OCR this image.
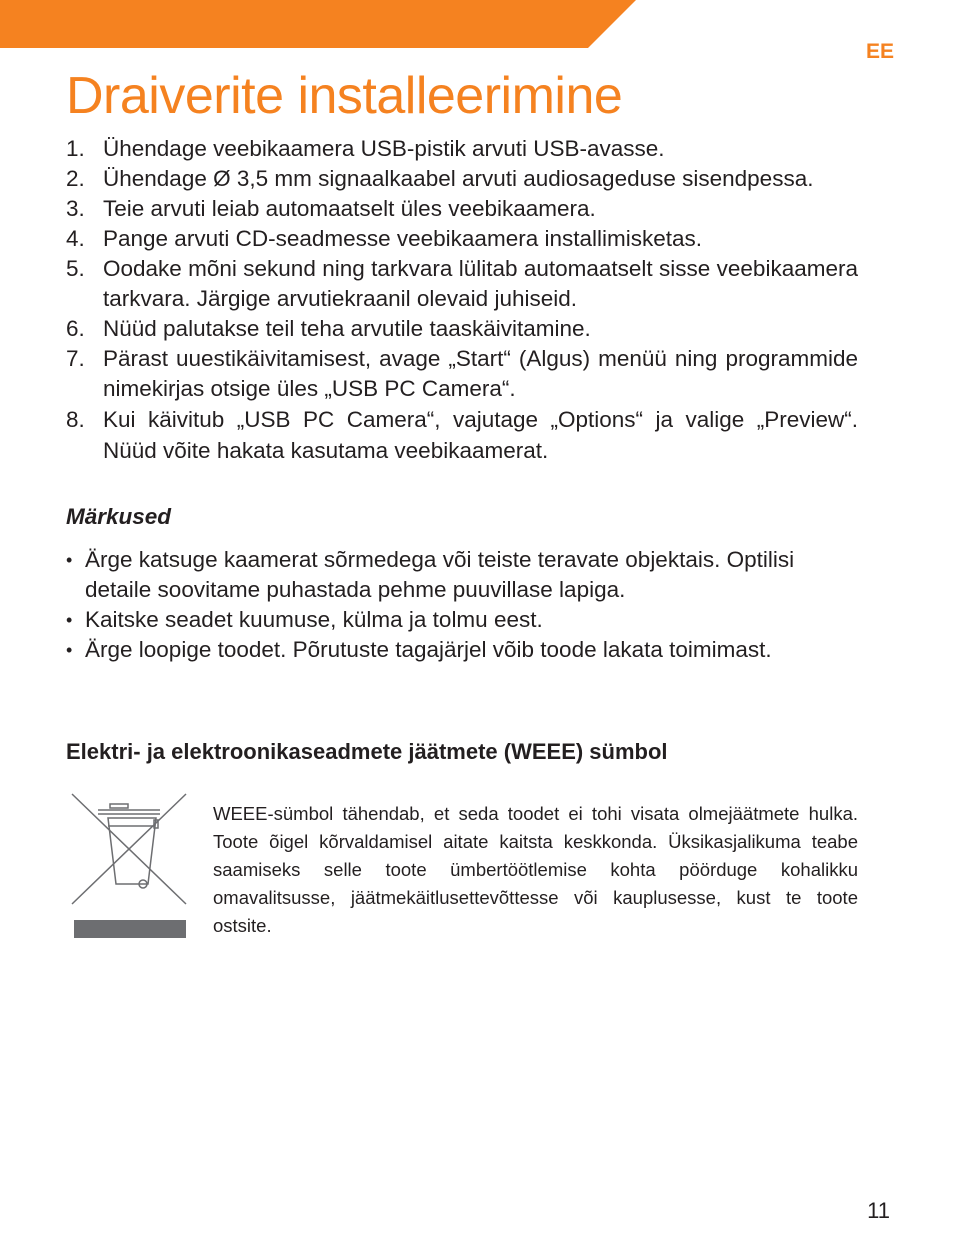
EE
Draiverite installeerimine
1. Ühendage veebikaamera USB-pistik arvuti USB-avasse.
2. Ühendage Ø 3,5 mm signaalkaabel arvuti audiosageduse sisendpessa.
3. Teie arvuti leiab automaatselt üles veebikaamera.
4. Pange arvuti CD-seadmesse veebikaamera installimisketas.
5. Oodake mõni sekund ning tarkvara lülitab automaatselt sisse veebikaamera tarkvara. Järgige arvutiekraanil olevaid juhiseid.
6. Nüüd palutakse teil teha arvutile taaskäivitamine.
7. Pärast uuestikäivitamisest, avage „Start“ (Algus) menüü ning programmide nimekirjas otsige üles „USB PC Camera“.
8. Kui käivitub „USB PC Camera“, vajutage „Options“ ja valige „Preview“. Nüüd võite hakata kasutama veebikaamerat.
Märkused
• Ärge katsuge kaamerat sõrmedega või teiste teravate objektais. Optilisi detaile soovitame puhastada pehme puuvillase lapiga.
• Kaitske seadet kuumuse, külma ja tolmu eest.
• Ärge loopige toodet. Põrutuste tagajärjel võib toode lakata toimimast.
Elektri- ja elektroonikaseadmete jäätmete (WEEE) sümbol

WEEE-sümbol tähendab, et seda toodet ei tohi visata olmejäätmete hulka. Toote õigel kõrvaldamisel aitate kaitsta keskkonda. Üksikasjalikuma teabe saamiseks selle toote ümbertöötlemise kohta pöörduge kohalikku omavalitsusse, jäätmekäitlusettevõttesse või kauplusesse, kust te toote ostsite.

11
